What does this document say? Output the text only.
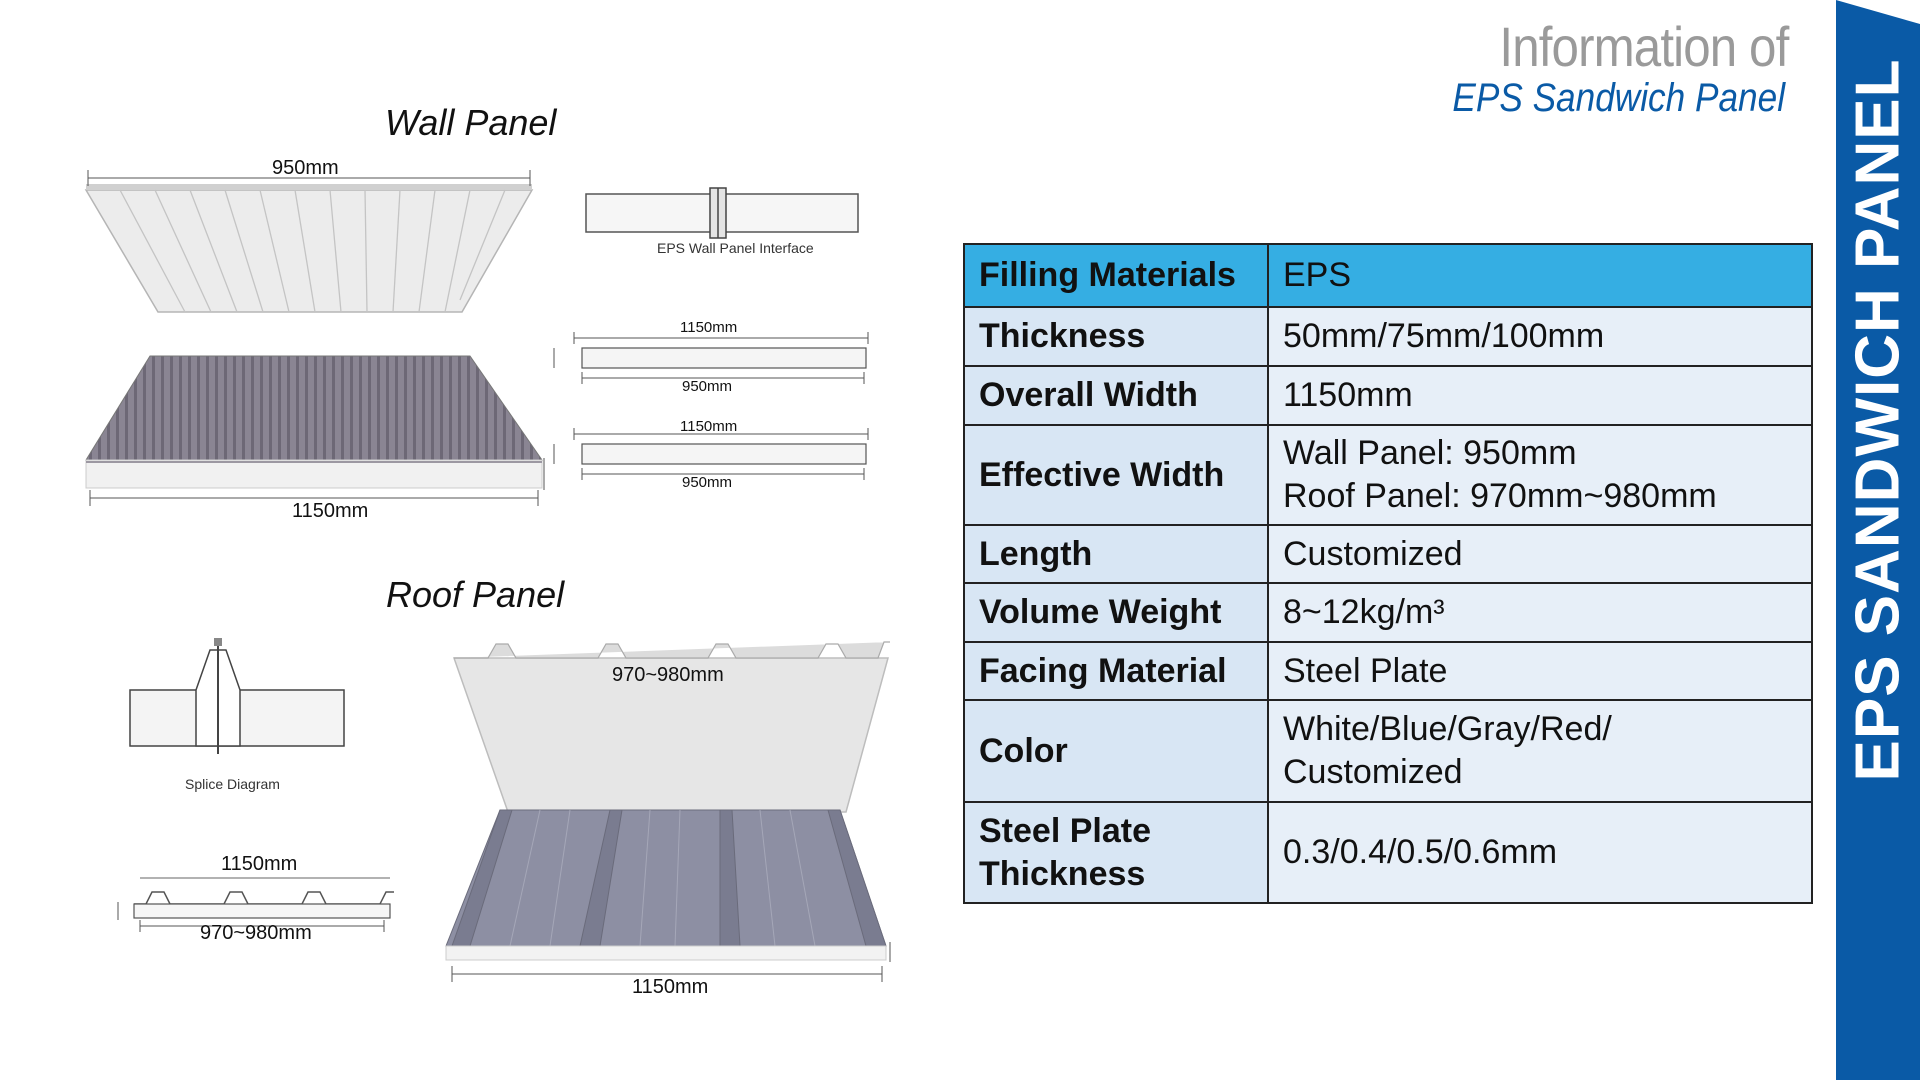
EPS SANDWICH PANEL
Information of
EPS Sandwich Panel
Wall Panel
950mm
1150mm
EPS Wall Panel Interface
1150mm
950mm
1150mm
950mm
Roof Panel
Splice Diagram
1150mm
970~980mm
970~980mm
1150mm
Filling Materials	EPS
Thickness	50mm/75mm/100mm
Overall Width	1150mm
Effective Width	Wall Panel: 950mm
Roof Panel: 970mm~980mm

Length	Customized
Volume Weight	8~12kg/m³
Facing Material	Steel Plate
Color	White/Blue/Gray/Red/
Customized

Steel Plate
Thickness	0.3/0.4/0.5/0.6mm
